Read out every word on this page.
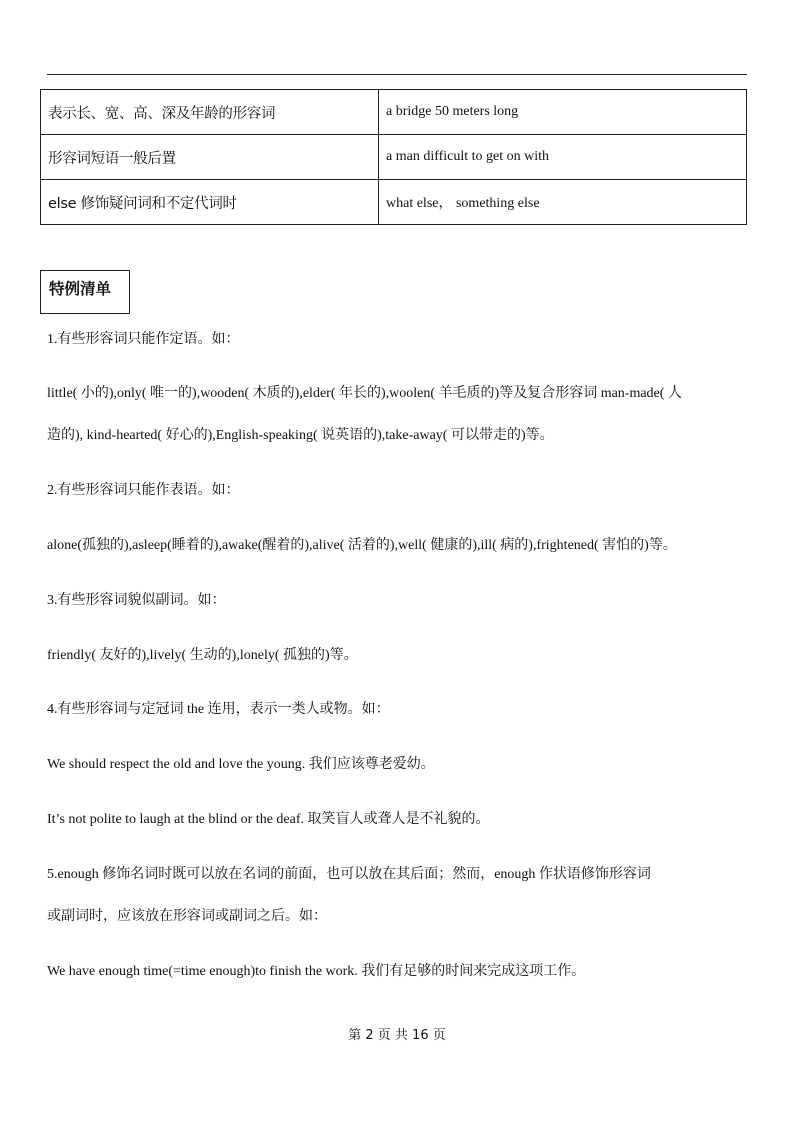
表示长、宽、高、深及年龄的形容词	a bridge 50 meters long
形容词短语一般后置	a man difficult to get on with
else 修饰疑问词和不定代词时	what else， something else
特例清单
1.有些形容词只能作定语。如：
little( 小的),only( 唯一的),wooden( 木质的),elder( 年长的),woolen( 羊毛质的)等及复合形容词 man-made( 人
造的), kind-hearted( 好心的),English-speaking( 说英语的),take-away( 可以带走的)等。
2.有些形容词只能作表语。如：
alone(孤独的),asleep(睡着的),awake(醒着的),alive( 活着的),well( 健康的),ill( 病的),frightened( 害怕的)等。
3.有些形容词貌似副词。如：
friendly( 友好的),lively( 生动的),lonely( 孤独的)等。
4.有些形容词与定冠词 the 连用，表示一类人或物。如：
We should respect the old and love the young. 我们应该尊老爱幼。
It’s not polite to laugh at the blind or the deaf. 取笑盲人或聋人是不礼貌的。
5.enough 修饰名词时既可以放在名词的前面，也可以放在其后面；然而，enough 作状语修饰形容词
或副词时，应该放在形容词或副词之后。如：
We have enough time(=time enough)to finish the work. 我们有足够的时间来完成这项工作。
第 2 页 共 16 页
